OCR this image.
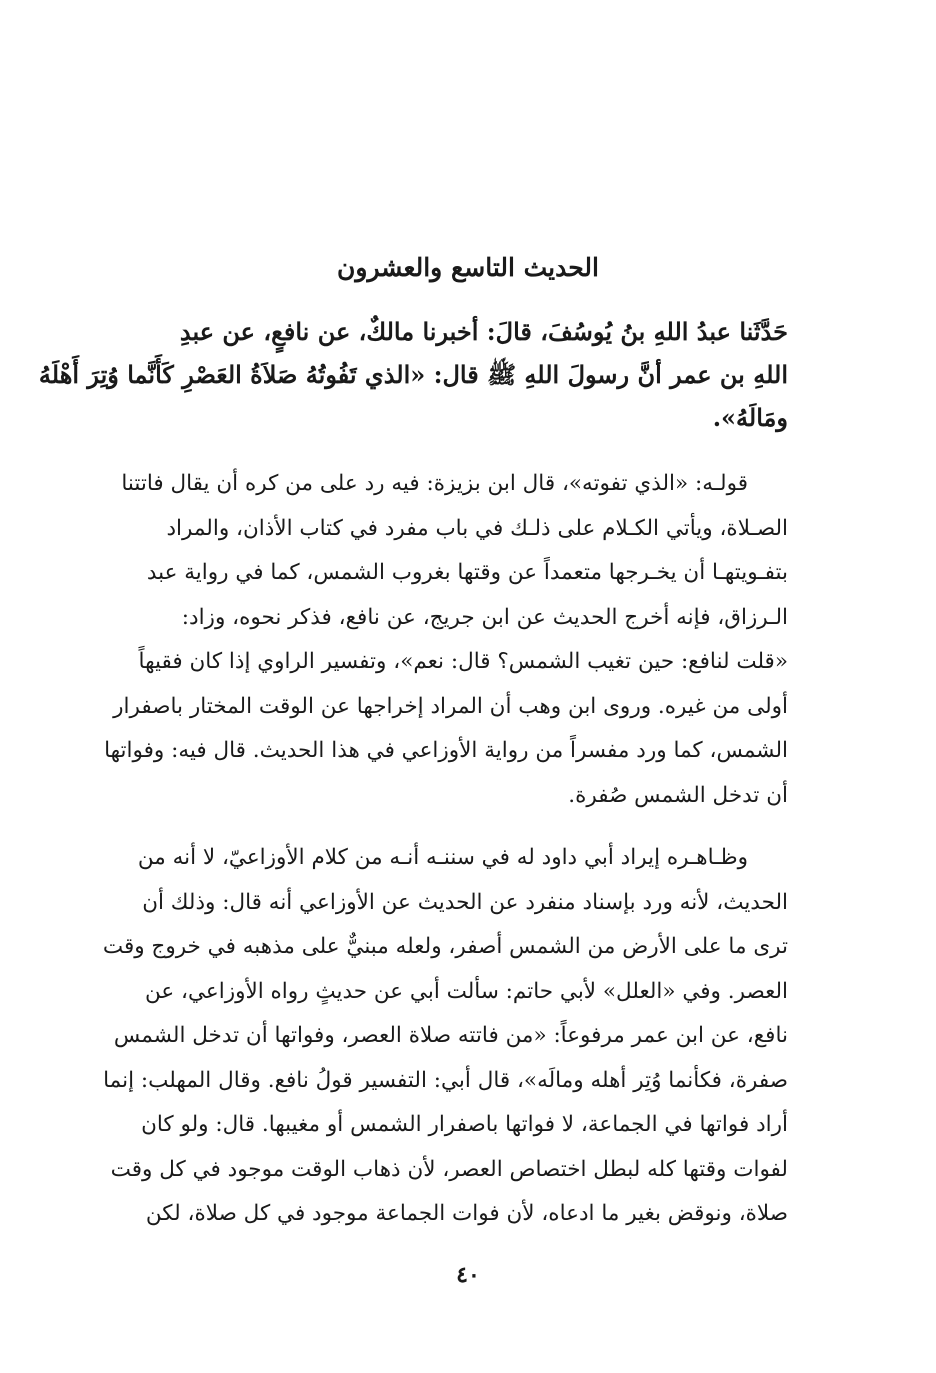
الحديث التاسع والعشرون
حَدَّثَنا عبدُ اللهِ بنُ يُوسُفَ، قالَ: أخبرنا مالكٌ، عن نافعٍ، عن عبدِ
اللهِ بن عمر أنَّ رسولَ اللهِ ﷺ قال: «الذي تَفُوتُهُ صَلاَةُ العَصْرِ كَأَنَّما وُتِرَ أَهْلَهُ
ومَالَهُ».
قولـه: «الذي تفوته»، قال ابن بزيزة: فيه رد على من كره أن يقال فاتتنا
الصـلاة، ويأتي الكـلام على ذلـك في باب مفرد في كتاب الأذان، والمراد
بتفـويتهـا أن يخـرجها متعمداً عن وقتها بغروب الشمس، كما في رواية عبد
الـرزاق، فإنه أخرج الحديث عن ابن جريج، عن نافع، فذكر نحوه، وزاد:
«قلت لنافع: حين تغيب الشمس؟ قال: نعم»، وتفسير الراوي إذا كان فقيهاً
أولى من غيره. وروى ابن وهب أن المراد إخراجها عن الوقت المختار باصفرار
الشمس، كما ورد مفسراً من رواية الأوزاعي في هذا الحديث. قال فيه: وفواتها
أن تدخل الشمس صُفرة.
وظـاهـره إيراد أبي داود له في سننـه أنـه من كلام الأوزاعيّ، لا أنه من
الحديث، لأنه ورد بإسناد منفرد عن الحديث عن الأوزاعي أنه قال: وذلك أن
ترى ما على الأرض من الشمس أصفر، ولعله مبنيٌّ على مذهبه في خروج وقت
العصر. وفي «العلل» لأبي حاتم: سألت أبي عن حديثٍ رواه الأوزاعي، عن
نافع، عن ابن عمر مرفوعاً: «من فاتته صلاة العصر، وفواتها أن تدخل الشمس
صفرة، فكأنما وُتِر أهله ومالَه»، قال أبي: التفسير قولُ نافع. وقال المهلب: إنما
أراد فواتها في الجماعة، لا فواتها باصفرار الشمس أو مغيبها. قال: ولو كان
لفوات وقتها كله لبطل اختصاص العصر، لأن ذهاب الوقت موجود في كل وقت
صلاة، ونوقض بغير ما ادعاه، لأن فوات الجماعة موجود في كل صلاة، لكن
٤٠
